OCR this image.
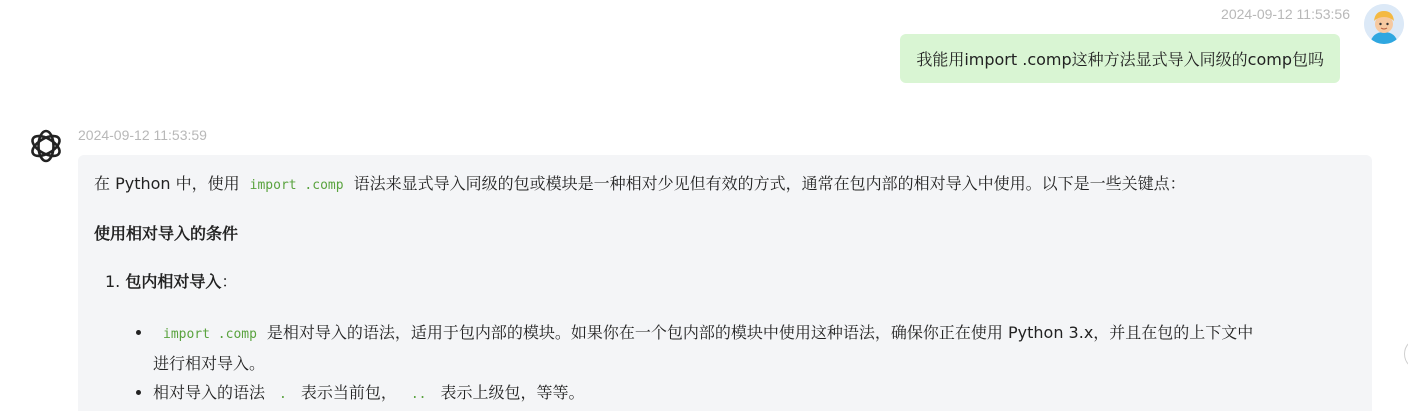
2024-09-12 11:53:56
我能用import .comp这种方法显式导入同级的comp包吗
2024-09-12 11:53:59
在 Python 中，使用 import .comp 语法来显式导入同级的包或模块是一种相对少见但有效的方式，通常在包内部的相对导入中使用。以下是一些关键点：
使用相对导入的条件
1. 包内相对导入：
• import .comp 是相对导入的语法，适用于包内部的模块。如果你在一个包内部的模块中使用这种语法，确保你正在使用 Python 3.x，并且在包的上下文中
进行相对导入。
• 相对导入的语法 . 表示当前包， .. 表示上级包，等等。
